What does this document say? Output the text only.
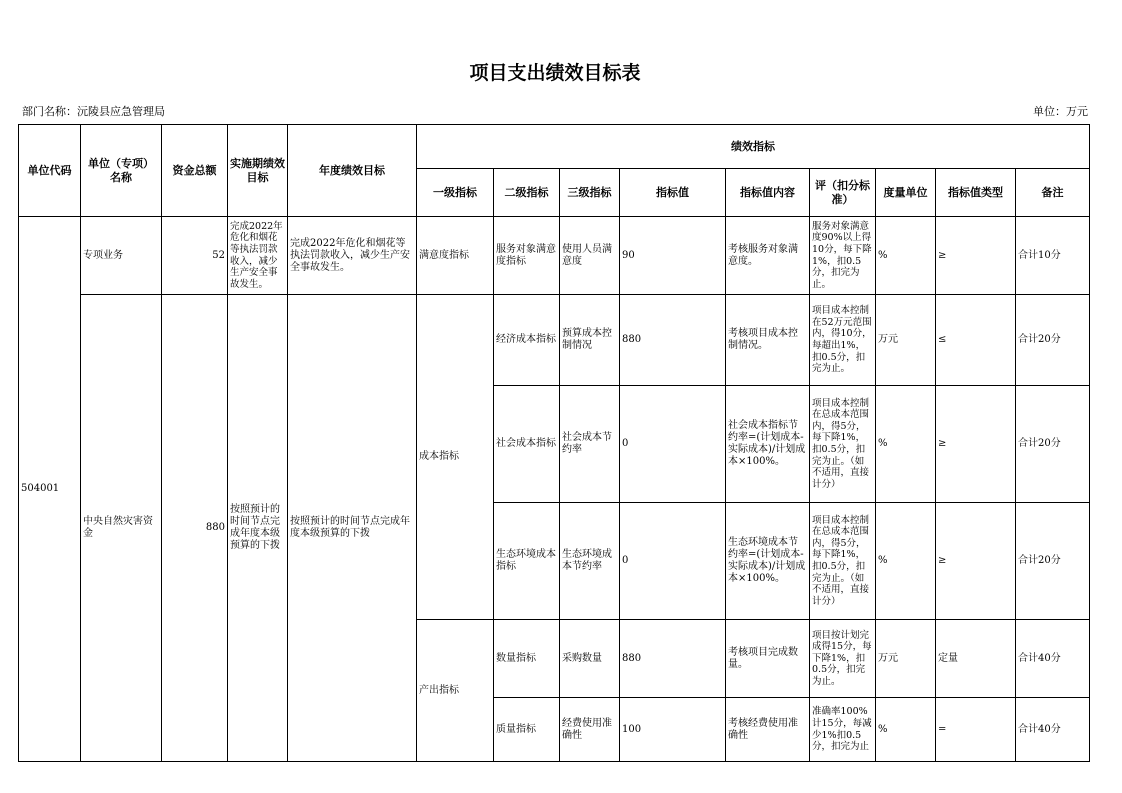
项目支出绩效目标表
部门名称：沅陵县应急管理局	单位：万元
单位代码	单位（专项）名称	资金总额	实施期绩效目标	年度绩效目标	绩效指标								
					一级指标	二级指标	三级指标	指标值	指标值内容	评（扣分标准）	度量单位	指标值类型	备注
504001	专项业务	52	完成2022年危化和烟花等执法罚款收入，减少生产安全事故发生。	完成2022年危化和烟花等执法罚款收入，减少生产安全事故发生。	满意度指标	服务对象满意度指标	使用人员满意度	90	考核服务对象满意度。	服务对象满意度90%以上得10分，每下降1%，扣0.5分，扣完为止。	%	≥	合计10分
	中央自然灾害资金	880	按照预计的时间节点完成年度本级预算的下拨	按照预计的时间节点完成年度本级预算的下拨	成本指标	经济成本指标	预算成本控制情况	880	考核项目成本控制情况。	项目成本控制在52万元范围内，得10分，每超出1%，扣0.5分，扣完为止。	万元	≤	合计20分
						社会成本指标	社会成本节约率	0	社会成本指标节约率=(计划成本-实际成本)/计划成本×100%。	项目成本控制在总成本范围内，得5分，每下降1%，扣0.5分，扣完为止。（如不适用，直接计分）	%	≥	合计20分
						生态环境成本指标	生态环境成本节约率	0	生态环境成本节约率=(计划成本-实际成本)/计划成本×100%。	项目成本控制在总成本范围内，得5分，每下降1%，扣0.5分，扣完为止。（如不适用，直接计分）	%	≥	合计20分
					产出指标	数量指标	采购数量	880	考核项目完成数量。	项目按计划完成得15分，每下降1%，扣0.5分，扣完为止。	万元	定量	合计40分
						质量指标	经费使用准确性	100	考核经费使用准确性	准确率100%计15分，每减少1%扣0.5分，扣完为止	%	=	合计40分
